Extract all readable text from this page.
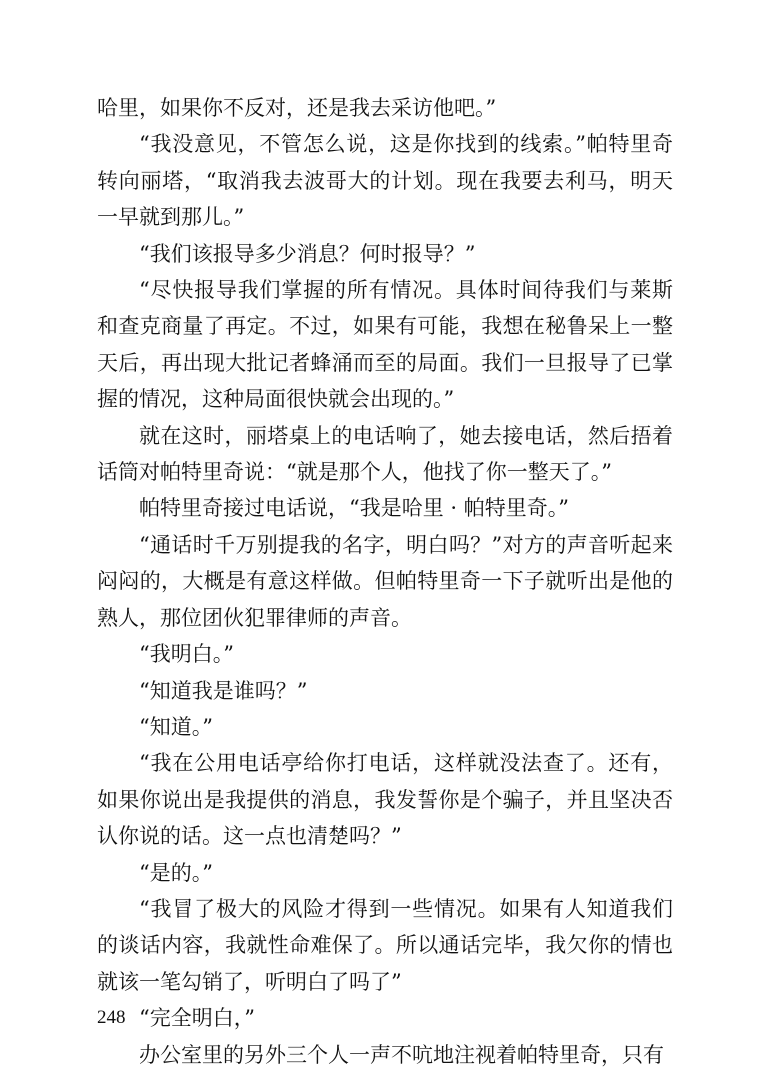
哈里，如果你不反对，还是我去采访他吧。”

“我没意见，不管怎么说，这是你找到的线索。”帕特里奇转向丽塔，“取消我去波哥大的计划。现在我要去利马，明天一早就到那儿。”

“我们该报导多少消息？何时报导？”

“尽快报导我们掌握的所有情况。具体时间待我们与莱斯和查克商量了再定。不过，如果有可能，我想在秘鲁呆上一整天后，再出现大批记者蜂涌而至的局面。我们一旦报导了已掌握的情况，这种局面很快就会出现的。”

就在这时，丽塔桌上的电话响了，她去接电话，然后捂着话筒对帕特里奇说：“就是那个人，他找了你一整天了。”

帕特里奇接过电话说，“我是哈里 · 帕特里奇。”

“通话时千万别提我的名字，明白吗？”对方的声音听起来闷闷的，大概是有意这样做。但帕特里奇一下子就听出是他的熟人，那位团伙犯罪律师的声音。

“我明白。”

“知道我是谁吗？”

“知道。”

“我在公用电话亭给你打电话，这样就没法查了。还有，如果你说出是我提供的消息，我发誓你是个骗子，并且坚决否认你说的话。这一点也清楚吗？”

“是的。”

“我冒了极大的风险才得到一些情况。如果有人知道我们的谈话内容，我就性命难保了。所以通话完毕，我欠你的情也就该一笔勾销了，听明白了吗了”

“完全明白，”

办公室里的另外三个人一声不吭地注视着帕特里奇，只有

248
